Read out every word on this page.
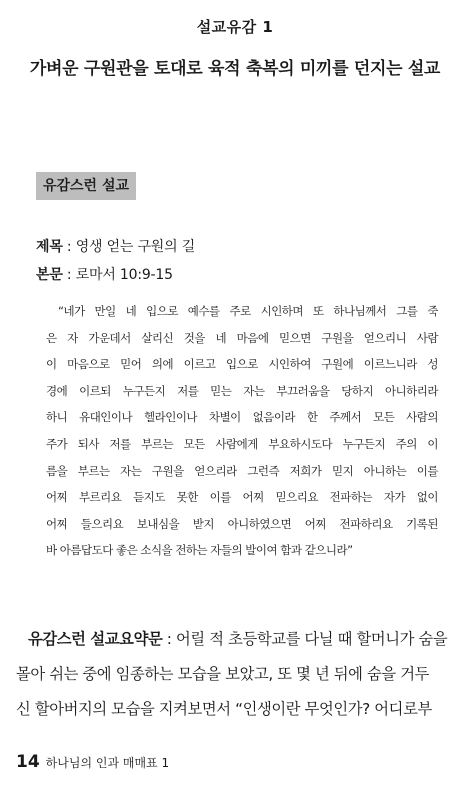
설교유감 1
가벼운 구원관을 토대로 육적 축복의 미끼를 던지는 설교
유감스런 설교
제목 : 영생 얻는 구원의 길
본문 : 로마서 10:9-15
“네가 만일 네 입으로 예수를 주로 시인하며 또 하나님께서 그를 죽
은 자 가운데서 살리신 것을 네 마음에 믿으면 구원을 얻으리니 사람
이 마음으로 믿어 의에 이르고 입으로 시인하여 구원에 이르느니라 성
경에 이르되 누구든지 저를 믿는 자는 부끄러움을 당하지 아니하리라
하니 유대인이나 헬라인이나 차별이 없음이라 한 주께서 모든 사람의
주가 되사 저를 부르는 모든 사람에게 부요하시도다 누구든지 주의 이
름을 부르는 자는 구원을 얻으리라 그런즉 저희가 믿지 아니하는 이를
어찌 부르리요 듣지도 못한 이를 어찌 믿으리요 전파하는 자가 없이
어찌 들으리요 보내심을 받지 아니하였으면 어찌 전파하리요 기록된
바 아름답도다 좋은 소식을 전하는 자들의 발이여 함과 같으니라”
유감스런 설교요약문 : 어릴 적 초등학교를 다닐 때 할머니가 숨을
몰아 쉬는 중에 임종하는 모습을 보았고, 또 몇 년 뒤에 숨을 거두
신 할아버지의 모습을 지켜보면서 “인생이란 무엇인가? 어디로부
14 하나님의 인과 매매표 1
